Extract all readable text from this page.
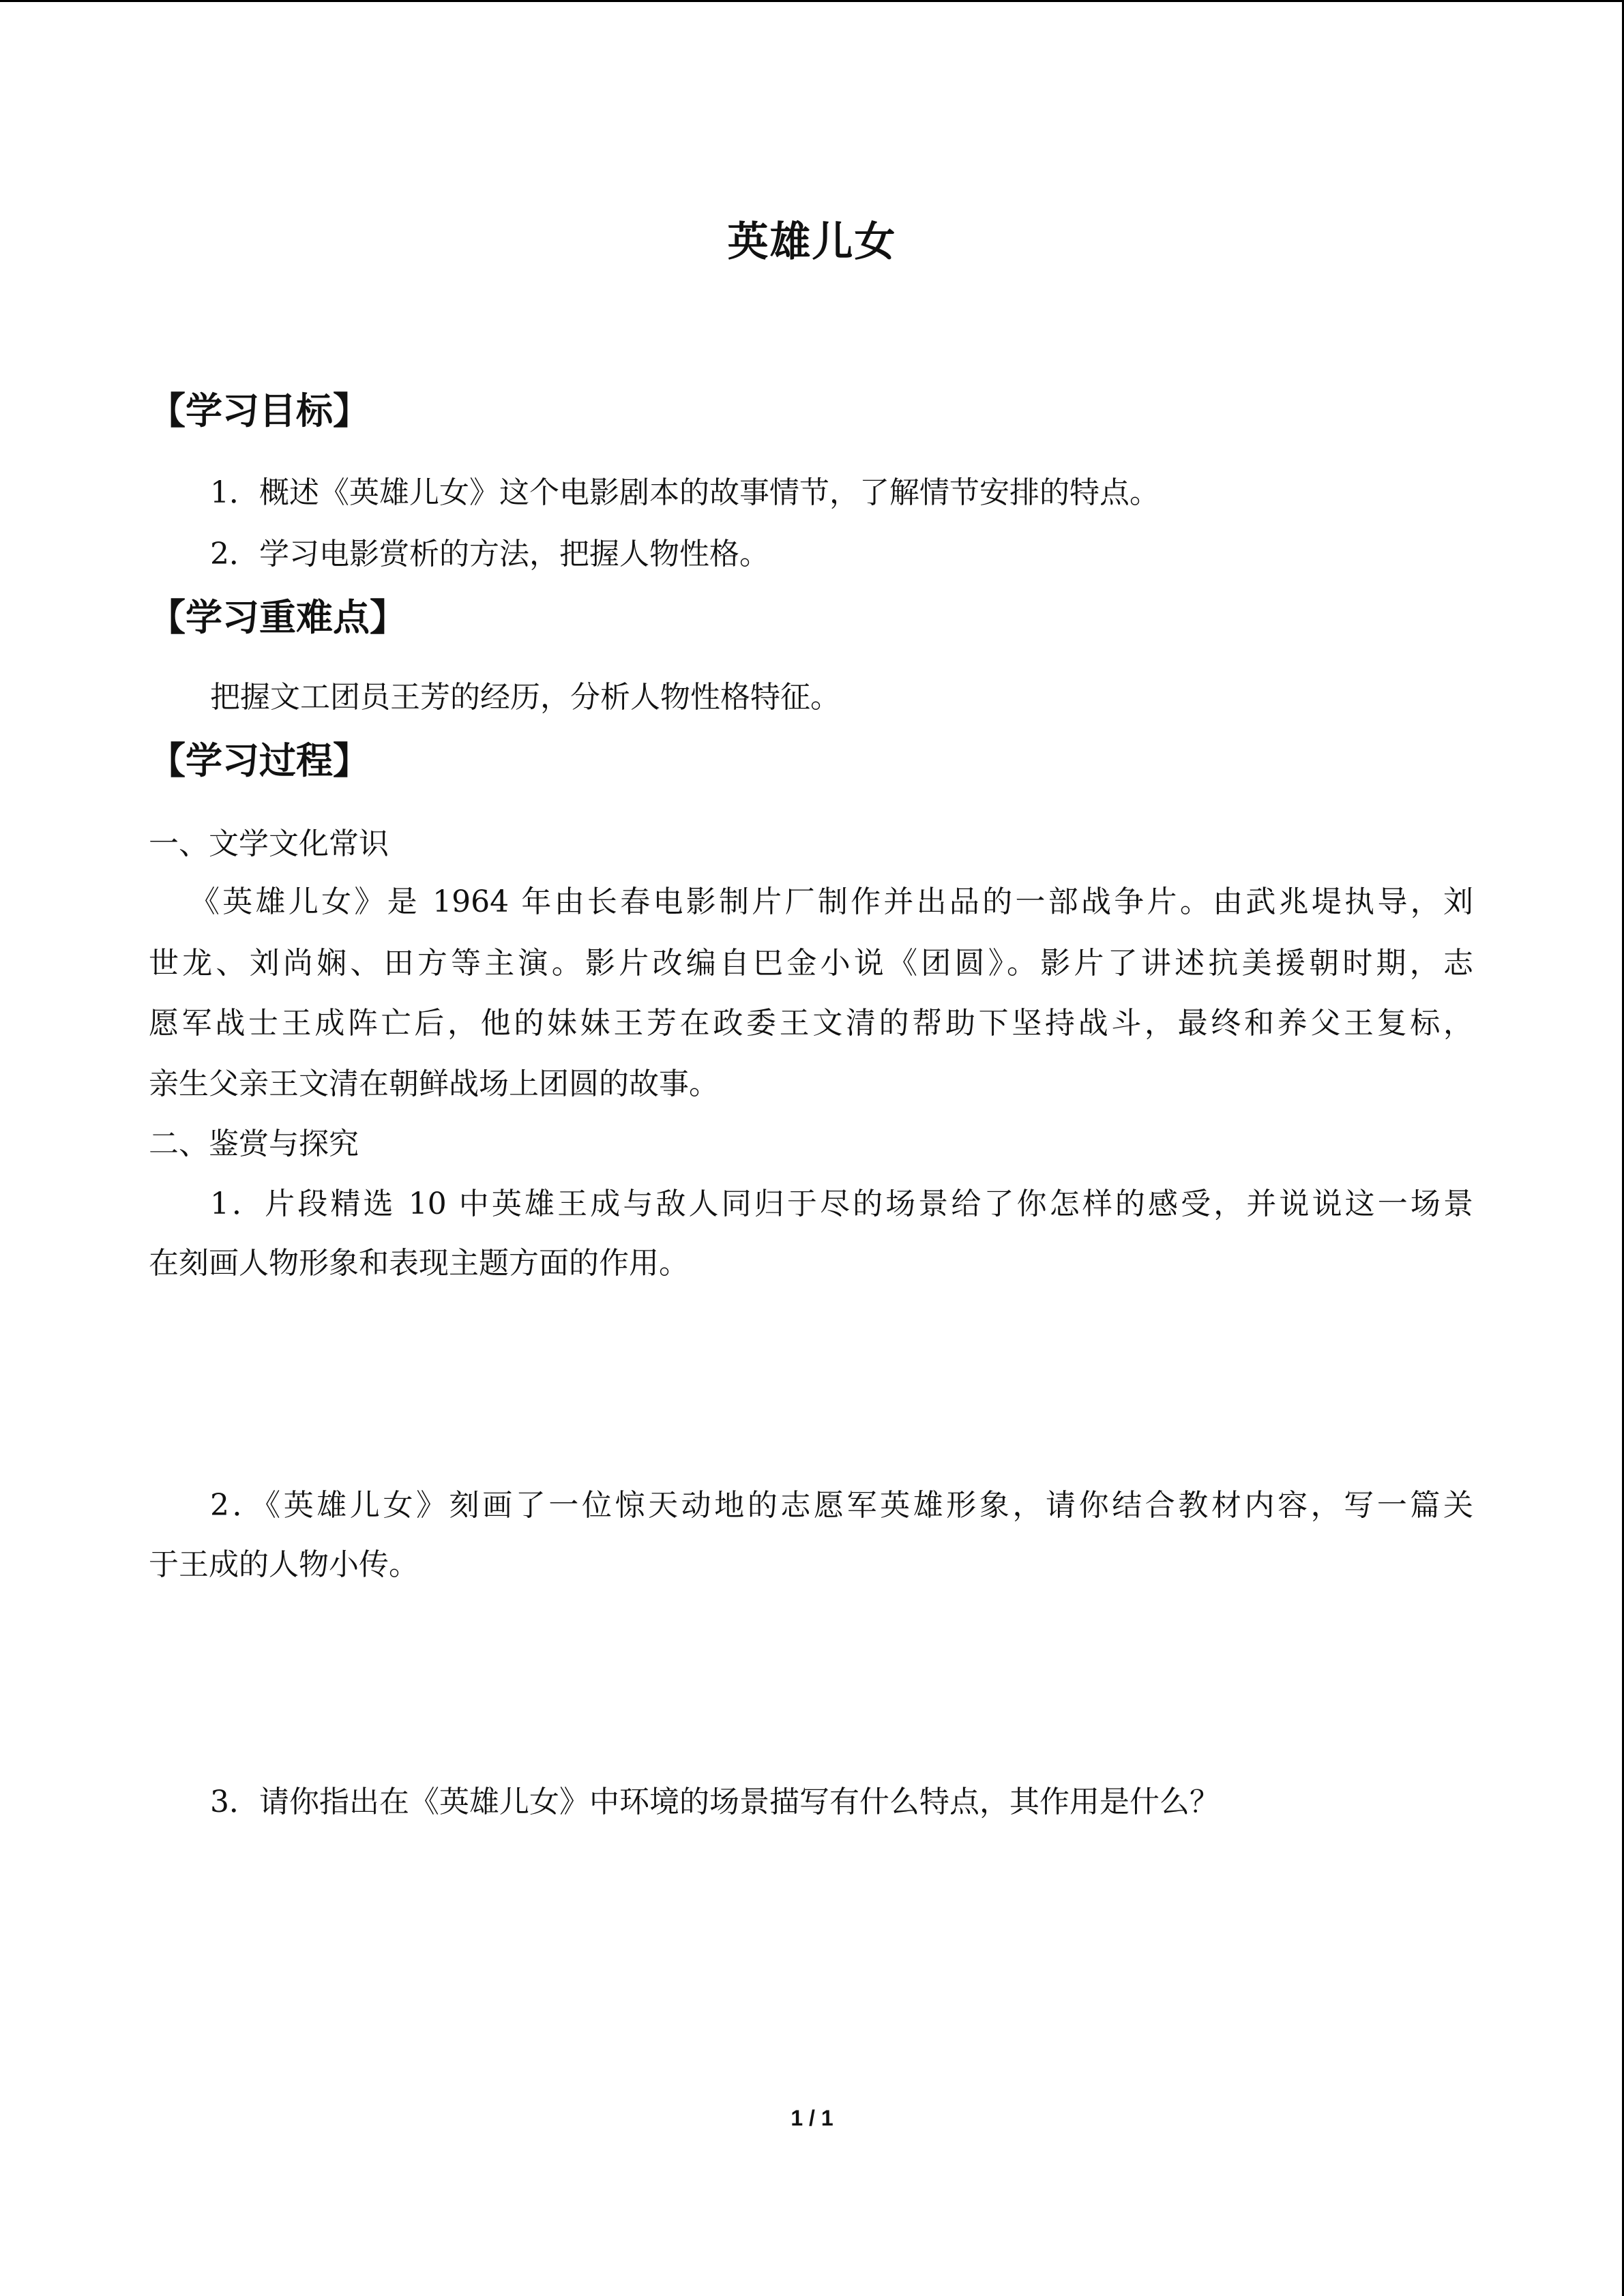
英雄儿女
【学习目标】
1．概述《英雄儿女》这个电影剧本的故事情节，了解情节安排的特点。
2．学习电影赏析的方法，把握人物性格。
【学习重难点】
把握文工团员王芳的经历，分析人物性格特征。
【学习过程】
一、文学文化常识
《英雄儿女》是 1964 年由长春电影制片厂制作并出品的一部战争片。由武兆堤执导，刘
世龙、刘尚娴、田方等主演。影片改编自巴金小说《团圆》。影片了讲述抗美援朝时期，志
愿军战士王成阵亡后，他的妹妹王芳在政委王文清的帮助下坚持战斗，最终和养父王复标，
亲生父亲王文清在朝鲜战场上团圆的故事。
二、鉴赏与探究
1．片段精选 10 中英雄王成与敌人同归于尽的场景给了你怎样的感受，并说说这一场景
在刻画人物形象和表现主题方面的作用。
2．《英雄儿女》刻画了一位惊天动地的志愿军英雄形象，请你结合教材内容，写一篇关
于王成的人物小传。
3．请你指出在《英雄儿女》中环境的场景描写有什么特点，其作用是什么？
1 / 1
